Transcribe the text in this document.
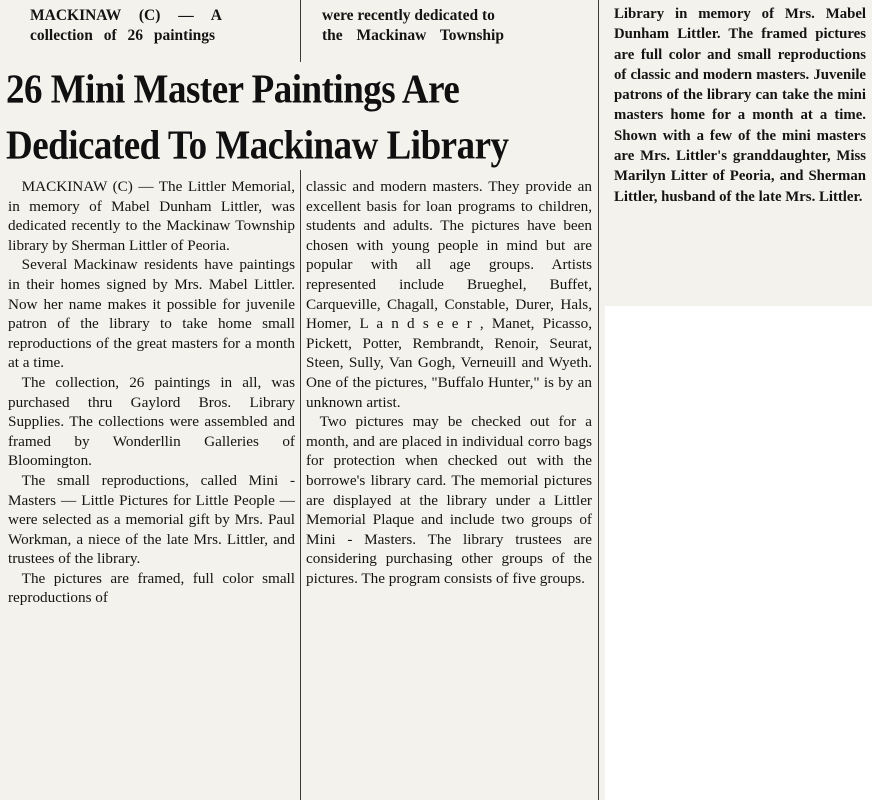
MACKINAW (C) — A
collection of 26 paintings
were recently dedicated to
the Mackinaw Township
26 Mini Master Paintings Are
Dedicated To Mackinaw Library

MACKINAW (C) — The Littler Memorial, in memory of Mabel Dunham Littler, was dedicated recently to the Mackinaw Township library by Sherman Littler of Peoria.

Several Mackinaw residents have paintings in their homes signed by Mrs. Mabel Littler. Now her name makes it possible for juvenile patron of the library to take home small reproductions of the great masters for a month at a time.

The collection, 26 paintings in all, was purchased thru Gaylord Bros. Library Supplies. The collections were assembled and framed by Wonderllin Galleries of Bloomington.

The small reproductions, called Mini - Masters — Little Pictures for Little People — were selected as a memorial gift by Mrs. Paul Workman, a niece of the late Mrs. Littler, and trustees of the library.

The pictures are framed, full color small reproductions of

classic and modern masters. They provide an excellent basis for loan programs to children, students and adults. The pictures have been chosen with young people in mind but are popular with all age groups. Artists represented include Brueghel, Buffet, Carqueville, Chagall, Constable, Durer, Hals, Homer, L a n d s e e r , Manet, Picasso, Pickett, Potter, Rembrandt, Renoir, Seurat, Steen, Sully, Van Gogh, Verneuill and Wyeth. One of the pictures, "Buffalo Hunter," is by an unknown artist.

Two pictures may be checked out for a month, and are placed in individual corro bags for protection when checked out with the borrowe's library card. The memorial pictures are displayed at the library under a Littler Memorial Plaque and include two groups of Mini - Masters. The library trustees are considering purchasing other groups of the pictures. The program consists of five groups.

Library in memory of Mrs. Mabel Dunham Littler. The framed pictures are full color and small reproductions of classic and modern masters. Juvenile patrons of the library can take the mini masters home for a month at a time. Shown with a few of the mini masters are Mrs. Littler's granddaughter, Miss Marilyn Litter of Peoria, and Sherman Littler, husband of the late Mrs. Littler.
